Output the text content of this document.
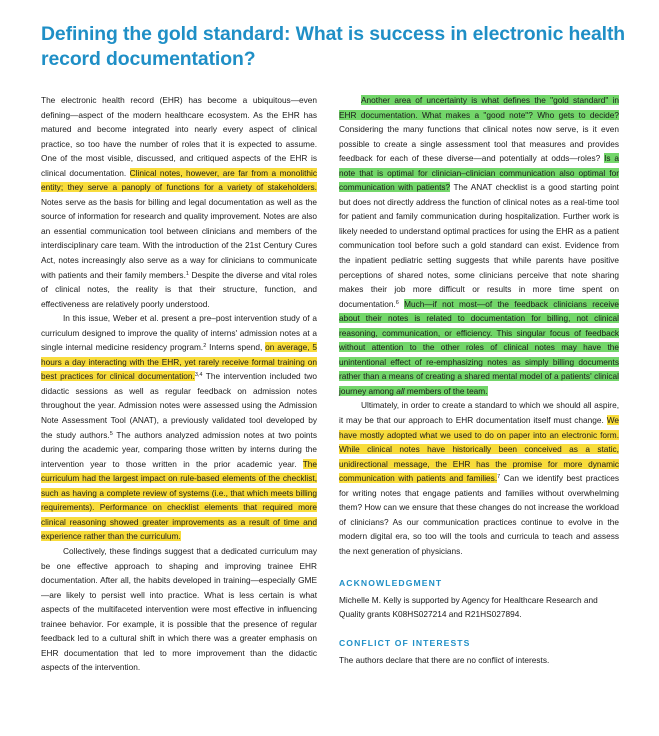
Defining the gold standard: What is success in electronic health record documentation?

The electronic health record (EHR) has become a ubiquitous—even defining—aspect of the modern healthcare ecosystem. As the EHR has matured and become integrated into nearly every aspect of clinical practice, so too have the number of roles that it is expected to assume. One of the most visible, discussed, and critiqued aspects of the EHR is clinical documentation. Clinical notes, however, are far from a monolithic entity; they serve a panoply of functions for a variety of stakeholders. Notes serve as the basis for billing and legal documentation as well as the source of information for research and quality improvement. Notes are also an essential communication tool between clinicians and members of the interdisciplinary care team. With the introduction of the 21st Century Cures Act, notes increasingly also serve as a way for clinicians to communicate with patients and their family members.$^1$ Despite the diverse and vital roles of clinical notes, the reality is that their structure, function, and effectiveness are relatively poorly understood.

In this issue, Weber et al. present a pre–post intervention study of a curriculum designed to improve the quality of interns' admission notes at a single internal medicine residency program.$^2$ Interns spend, on average, 5 hours a day interacting with the EHR, yet rarely receive formal training on best practices for clinical documentation.$^{3,4}$ The intervention included two didactic sessions as well as regular feedback on admission notes throughout the year. Admission notes were assessed using the Admission Note Assessment Tool (ANAT), a previously validated tool developed by the study authors.$^5$ The authors analyzed admission notes at two points during the academic year, comparing those written by interns during the intervention year to those written in the prior academic year. The curriculum had the largest impact on rule-based elements of the checklist, such as having a complete review of systems (i.e., that which meets billing requirements). Performance on checklist elements that required more clinical reasoning showed greater improvements as a result of time and experience rather than the curriculum.

Collectively, these findings suggest that a dedicated curriculum may be one effective approach to shaping and improving trainee EHR documentation. After all, the habits developed in training—especially GME—are likely to persist well into practice. What is less certain is what aspects of the multifaceted intervention were most effective in influencing trainee behavior. For example, it is possible that the presence of regular feedback led to a cultural shift in which there was a greater emphasis on EHR documentation that led to more improvement than the didactic aspects of the intervention.

Another area of uncertainty is what defines the "gold standard" in EHR documentation. What makes a "good note"? Who gets to decide? Considering the many functions that clinical notes now serve, is it even possible to create a single assessment tool that measures and provides feedback for each of these diverse—and potentially at odds—roles? Is a note that is optimal for clinician–clinician communication also optimal for communication with patients? The ANAT checklist is a good starting point but does not directly address the function of clinical notes as a real-time tool for patient and family communication during hospitalization. Further work is likely needed to understand optimal practices for using the EHR as a patient communication tool before such a gold standard can exist. Evidence from the inpatient pediatric setting suggests that while parents have positive perceptions of shared notes, some clinicians perceive that note sharing makes their job more difficult or results in more time spent on documentation.$^6$ Much—if not most—of the feedback clinicians receive about their notes is related to documentation for billing, not clinical reasoning, communication, or efficiency. This singular focus of feedback without attention to the other roles of clinical notes may have the unintentional effect of re-emphasizing notes as simply billing documents rather than a means of creating a shared mental model of a patients' clinical journey among all members of the team.

Ultimately, in order to create a standard to which we should all aspire, it may be that our approach to EHR documentation itself must change. We have mostly adopted what we used to do on paper into an electronic form. While clinical notes have historically been conceived as a static, unidirectional message, the EHR has the promise for more dynamic communication with patients and families.$^7$ Can we identify best practices for writing notes that engage patients and families without overwhelming them? How can we ensure that these changes do not increase the workload of clinicians? As our communication practices continue to evolve in the modern digital era, so too will the tools and curricula to teach and assess the next generation of physicians.

ACKNOWLEDGMENT

Michelle M. Kelly is supported by Agency for Healthcare Research and Quality grants K08HS027214 and R21HS027894.

CONFLICT OF INTERESTS

The authors declare that there are no conflict of interests.
